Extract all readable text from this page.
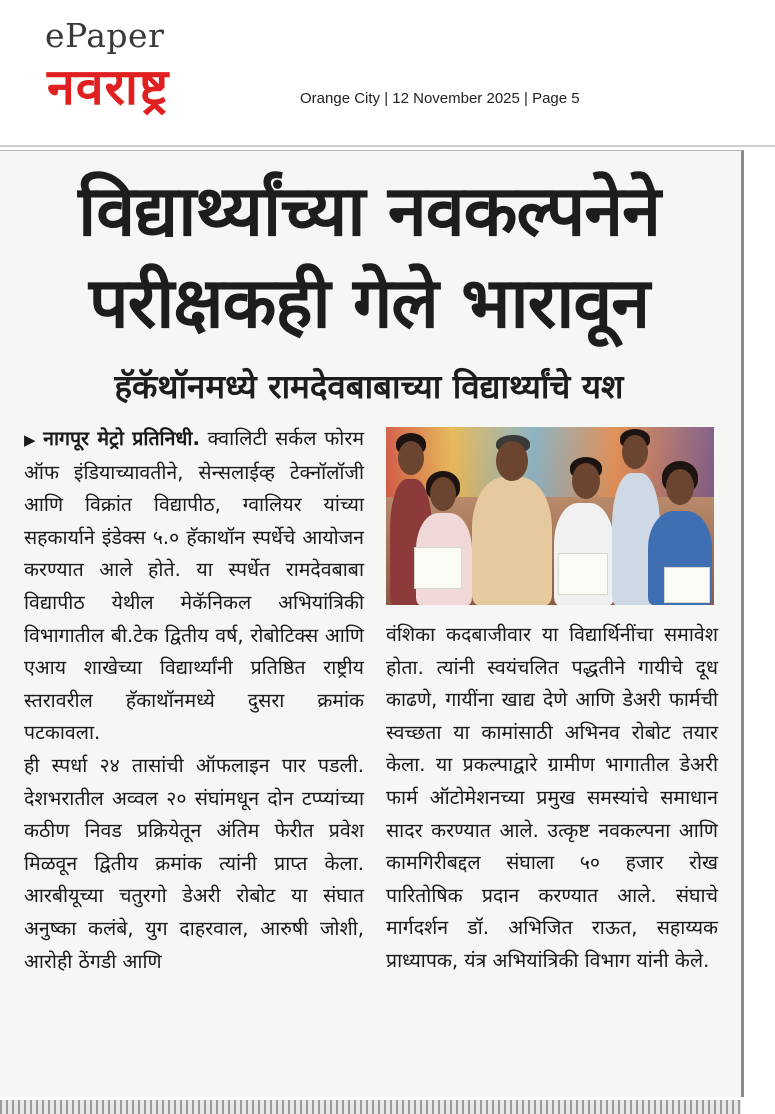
ePaper
नवराष्ट्र	Orange City | 12 November 2025 | Page 5
विद्यार्थ्यांच्या नवकल्पनेने
परीक्षकही गेले भारावून
हॅकॅथॉनमध्ये रामदेवबाबाच्या विद्यार्थ्यांचे यश

▶ नागपूर मेट्रो प्रतिनिधी. क्वालिटी सर्कल फोरम ऑफ इंडियाच्यावतीने, सेन्सलाईव्ह टेक्नॉलॉजी आणि विक्रांत विद्यापीठ, ग्वालियर यांच्या सहकार्याने इंडेक्स ५.० हॅकाथॉन स्पर्धेचे आयोजन करण्यात आले होते. या स्पर्धेत रामदेवबाबा विद्यापीठ येथील मेकॅनिकल अभियांत्रिकी विभागातील बी.टेक द्वितीय वर्ष, रोबोटिक्स आणि एआय शाखेच्या विद्यार्थ्यांनी प्रतिष्ठित राष्ट्रीय स्तरावरील हॅकाथॉनमध्ये दुसरा क्रमांक पटकावला.

ही स्पर्धा २४ तासांची ऑफलाइन पार पडली. देशभरातील अव्वल २० संघांमधून दोन टप्प्यांच्या कठीण निवड प्रक्रियेतून अंतिम फेरीत प्रवेश मिळवून द्वितीय क्रमांक त्यांनी प्राप्त केला. आरबीयूच्या चतुरगो डेअरी रोबोट या संघात अनुष्का कलंबे, युग दाहरवाल, आरुषी जोशी, आरोही ठेंगडी आणि

वंशिका कदबाजीवार या विद्यार्थिनींचा समावेश होता. त्यांनी स्वयंचलित पद्धतीने गायीचे दूध काढणे, गायींना खाद्य देणे आणि डेअरी फार्मची स्वच्छता या कामांसाठी अभिनव रोबोट तयार केला. या प्रकल्पाद्वारे ग्रामीण भागातील डेअरी फार्म ऑटोमेशनच्या प्रमुख समस्यांचे समाधान सादर करण्यात आले. उत्कृष्ट नवकल्पना आणि कामगिरीबद्दल संघाला ५० हजार रोख पारितोषिक प्रदान करण्यात आले. संघाचे मार्गदर्शन डॉ. अभिजित राऊत, सहाय्यक प्राध्यापक, यंत्र अभियांत्रिकी विभाग यांनी केले.
